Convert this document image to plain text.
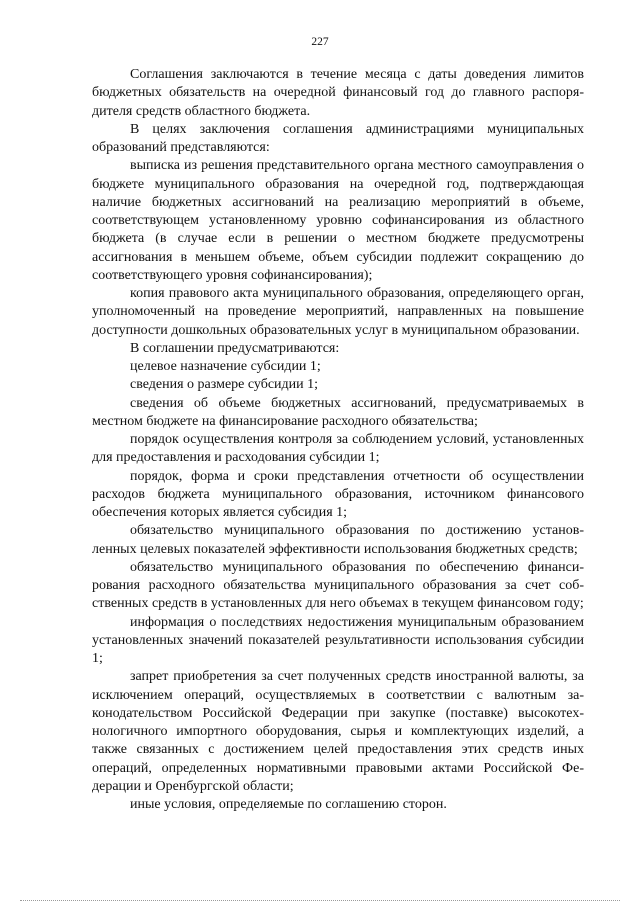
227

Соглашения заключаются в течение месяца с даты доведения лимитов бюджетных обязательств на очередной финансовый год до главного распорядителя средств областного бюджета.

В целях заключения соглашения администрациями муниципальных образований представляются:

выписка из решения представительного органа местного самоуправления о бюджете муниципального образования на очередной год, подтверждающая наличие бюджетных ассигнований на реализацию мероприятий в объеме, соответствующем установленному уровню софинансирования из областного бюджета (в случае если в решении о местном бюджете предусмотрены ассигнования в меньшем объеме, объем субсидии подлежит сокращению до соответствующего уровня софинансирования);

копия правового акта муниципального образования, определяющего орган, уполномоченный на проведение мероприятий, направленных на повышение доступности дошкольных образовательных услуг в муниципальном образовании.

В соглашении предусматриваются:

целевое назначение субсидии 1;

сведения о размере субсидии 1;

сведения об объеме бюджетных ассигнований, предусматриваемых в местном бюджете на финансирование расходного обязательства;

порядок осуществления контроля за соблюдением условий, установленных для предоставления и расходования субсидии 1;

порядок, форма и сроки представления отчетности об осуществлении расходов бюджета муниципального образования, источником финансового обеспечения которых является субсидия 1;

обязательство муниципального образования по достижению установленных целевых показателей эффективности использования бюджетных средств;

обязательство муниципального образования по обеспечению финансирования расходного обязательства муниципального образования за счет собственных средств в установленных для него объемах в текущем финансовом году;

информация о последствиях недостижения муниципальным образованием установленных значений показателей результативности использования субсидии 1;

запрет приобретения за счет полученных средств иностранной валюты, за исключением операций, осуществляемых в соответствии с валютным законодательством Российской Федерации при закупке (поставке) высокотехнологичного импортного оборудования, сырья и комплектующих изделий, а также связанных с достижением целей предоставления этих средств иных операций, определенных нормативными правовыми актами Российской Федерации и Оренбургской области;

иные условия, определяемые по соглашению сторон.
